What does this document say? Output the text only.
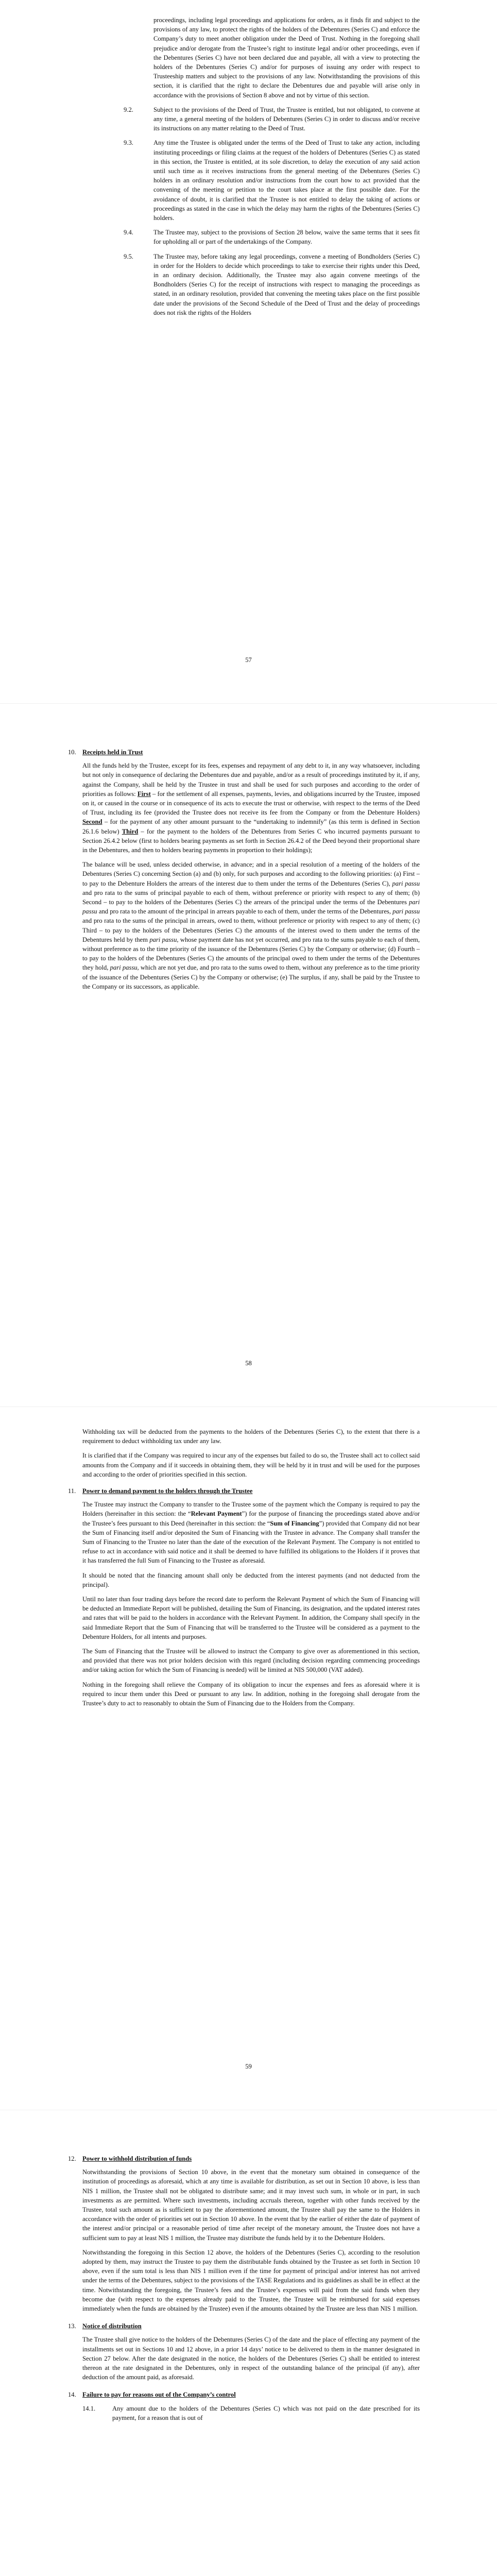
proceedings, including legal proceedings and applications for orders, as it finds fit and subject to the provisions of any law, to protect the rights of the holders of the Debentures (Series C) and enforce the Company’s duty to meet another obligation under the Deed of Trust. Nothing in the foregoing shall prejudice and/or derogate from the Trustee’s right to institute legal and/or other proceedings, even if the Debentures (Series C) have not been declared due and payable, all with a view to protecting the holders of the Debentures (Series C) and/or for purposes of issuing any order with respect to Trusteeship matters and subject to the provisions of any law. Notwithstanding the provisions of this section, it is clarified that the right to declare the Debentures due and payable will arise only in accordance with the provisions of Section 8 above and not by virtue of this section.

9.2.	Subject to the provisions of the Deed of Trust, the Trustee is entitled, but not obligated, to convene at any time, a general meeting of the holders of Debentures (Series C) in order to discuss and/or receive its instructions on any matter relating to the Deed of Trust.
9.3.	Any time the Trustee is obligated under the terms of the Deed of Trust to take any action, including instituting proceedings or filing claims at the request of the holders of Debentures (Series C) as stated in this section, the Trustee is entitled, at its sole discretion, to delay the execution of any said action until such time as it receives instructions from the general meeting of the Debentures (Series C) holders in an ordinary resolution and/or instructions from the court how to act provided that the convening of the meeting or petition to the court takes place at the first possible date. For the avoidance of doubt, it is clarified that the Trustee is not entitled to delay the taking of actions or proceedings as stated in the case in which the delay may harm the rights of the Debentures (Series C) holders.
9.4.	The Trustee may, subject to the provisions of Section 28 below, waive the same terms that it sees fit for upholding all or part of the undertakings of the Company.
9.5.	The Trustee may, before taking any legal proceedings, convene a meeting of Bondholders (Series C) in order for the Holders to decide which proceedings to take to exercise their rights under this Deed, in an ordinary decision. Additionally, the Trustee may also again convene meetings of the Bondholders (Series C) for the receipt of instructions with respect to managing the proceedings as stated, in an ordinary resolution, provided that convening the meeting takes place on the first possible date under the provisions of the Second Schedule of the Deed of Trust and the delay of proceedings does not risk the rights of the Holders
57
10. Receipts held in Trust

All the funds held by the Trustee, except for its fees, expenses and repayment of any debt to it, in any way whatsoever, including but not only in consequence of declaring the Debentures due and payable, and/or as a result of proceedings instituted by it, if any, against the Company, shall be held by the Trustee in trust and shall be used for such purposes and according to the order of priorities as follows: First – for the settlement of all expenses, payments, levies, and obligations incurred by the Trustee, imposed on it, or caused in the course or in consequence of its acts to execute the trust or otherwise, with respect to the terms of the Deed of Trust, including its fee (provided the Trustee does not receive its fee from the Company or from the Debenture Holders) Second – for the payment of any other amount pursuant to the “undertaking to indemnify” (as this term is defined in Section 26.1.6 below) Third – for the payment to the holders of the Debentures from Series C who incurred payments pursuant to Section 26.4.2 below (first to holders bearing payments as set forth in Section 26.4.2 of the Deed beyond their proportional share in the Debentures, and then to holders bearing payments in proportion to their holdings);

The balance will be used, unless decided otherwise, in advance; and in a special resolution of a meeting of the holders of the Debentures (Series C) concerning Section (a) and (b) only, for such purposes and according to the following priorities: (a) First – to pay to the Debenture Holders the arrears of the interest due to them under the terms of the Debentures (Series C), pari passu and pro rata to the sums of principal payable to each of them, without preference or priority with respect to any of them; (b) Second – to pay to the holders of the Debentures (Series C) the arrears of the principal under the terms of the Debentures pari passu and pro rata to the amount of the principal in arrears payable to each of them, under the terms of the Debentures, pari passu and pro rata to the sums of the principal in arrears, owed to them, without preference or priority with respect to any of them; (c) Third – to pay to the holders of the Debentures (Series C) the amounts of the interest owed to them under the terms of the Debentures held by them pari passu, whose payment date has not yet occurred, and pro rata to the sums payable to each of them, without preference as to the time priority of the issuance of the Debentures (Series C) by the Company or otherwise; (d) Fourth – to pay to the holders of the Debentures (Series C) the amounts of the principal owed to them under the terms of the Debentures they hold, pari passu, which are not yet due, and pro rata to the sums owed to them, without any preference as to the time priority of the issuance of the Debentures (Series C) by the Company or otherwise; (e) The surplus, if any, shall be paid by the Trustee to the Company or its successors, as applicable.

58

Withholding tax will be deducted from the payments to the holders of the Debentures (Series C), to the extent that there is a requirement to deduct withholding tax under any law.

It is clarified that if the Company was required to incur any of the expenses but failed to do so, the Trustee shall act to collect said amounts from the Company and if it succeeds in obtaining them, they will be held by it in trust and will be used for the purposes and according to the order of priorities specified in this section.

11.	Power to demand payment to the holders through the Trustee

The Trustee may instruct the Company to transfer to the Trustee some of the payment which the Company is required to pay the Holders (hereinafter in this section: the “Relevant Payment”) for the purpose of financing the proceedings stated above and/or the Trustee’s fees pursuant to this Deed (hereinafter in this section: the “Sum of Financing”) provided that Company did not bear the Sum of Financing itself and/or deposited the Sum of Financing with the Trustee in advance. The Company shall transfer the Sum of Financing to the Trustee no later than the date of the execution of the Relevant Payment. The Company is not entitled to refuse to act in accordance with said notice and it shall be deemed to have fulfilled its obligations to the Holders if it proves that it has transferred the full Sum of Financing to the Trustee as aforesaid.

It should be noted that the financing amount shall only be deducted from the interest payments (and not deducted from the principal).

Until no later than four trading days before the record date to perform the Relevant Payment of which the Sum of Financing will be deducted an Immediate Report will be published, detailing the Sum of Financing, its designation, and the updated interest rates and rates that will be paid to the holders in accordance with the Relevant Payment. In addition, the Company shall specify in the said Immediate Report that the Sum of Financing that will be transferred to the Trustee will be considered as a payment to the Debenture Holders, for all intents and purposes.

The Sum of Financing that the Trustee will be allowed to instruct the Company to give over as aforementioned in this section, and provided that there was not prior holders decision with this regard (including decision regarding commencing proceedings and/or taking action for which the Sum of Financing is needed) will be limited at NIS 500,000 (VAT added).

Nothing in the foregoing shall relieve the Company of its obligation to incur the expenses and fees as aforesaid where it is required to incur them under this Deed or pursuant to any law. In addition, nothing in the foregoing shall derogate from the Trustee’s duty to act to reasonably to obtain the Sum of Financing due to the Holders from the Company.

59
12. Power to withhold distribution of funds

Notwithstanding the provisions of Section 10 above, in the event that the monetary sum obtained in consequence of the institution of proceedings as aforesaid, which at any time is available for distribution, as set out in Section 10 above, is less than NIS 1 million, the Trustee shall not be obligated to distribute same; and it may invest such sum, in whole or in part, in such investments as are permitted. Where such investments, including accruals thereon, together with other funds received by the Trustee, total such amount as is sufficient to pay the aforementioned amount, the Trustee shall pay the same to the Holders in accordance with the order of priorities set out in Section 10 above. In the event that by the earlier of either the date of payment of the interest and/or principal or a reasonable period of time after receipt of the monetary amount, the Trustee does not have a sufficient sum to pay at least NIS 1 million, the Trustee may distribute the funds held by it to the Debenture Holders.

Notwithstanding the foregoing in this Section 12 above, the holders of the Debentures (Series C), according to the resolution adopted by them, may instruct the Trustee to pay them the distributable funds obtained by the Trustee as set forth in Section 10 above, even if the sum total is less than NIS 1 million even if the time for payment of principal and/or interest has not arrived under the terms of the Debentures, subject to the provisions of the TASE Regulations and its guidelines as shall be in effect at the time. Notwithstanding the foregoing, the Trustee’s fees and the Trustee’s expenses will paid from the said funds when they become due (with respect to the expenses already paid to the Trustee, the Trustee will be reimbursed for said expenses immediately when the funds are obtained by the Trustee) even if the amounts obtained by the Trustee are less than NIS 1 million.

13. Notice of distribution

The Trustee shall give notice to the holders of the Debentures (Series C) of the date and the place of effecting any payment of the installments set out in Sections 10 and 12 above, in a prior 14 days’ notice to be delivered to them in the manner designated in Section 27 below. After the date designated in the notice, the holders of the Debentures (Series C) shall be entitled to interest thereon at the rate designated in the Debentures, only in respect of the outstanding balance of the principal (if any), after deduction of the amount paid, as aforesaid.

14. Failure to pay for reasons out of the Company’s control
14.1.	Any amount due to the holders of the Debentures (Series C) which was not paid on the date prescribed for its payment, for a reason that is out of
